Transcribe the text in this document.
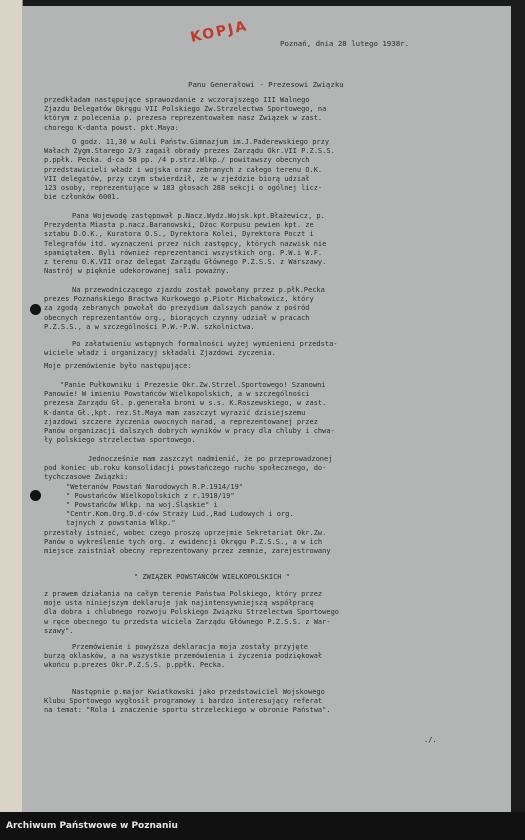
KOPJA	Poznań, dnia 28 lutego 1938r.
Panu Generałowi - Prezesowi Związku
przedkładam następujące sprawozdanie z wczorajszego III Walnego
Zjazdu Delegatów Okręgu VII Polskiego Zw.Strzelectwa Sportowego, na
którym z polecenia p. prezesa reprezentowałem nasz Związek w zast.
chorego K-danta powst. pkt.Maya:
O godz. 11,30 w Auli Państw.Gimnazjum im.J.Paderewskiego przy
Wałach Zygm.Starego 2/3 zagaił obrady prezes Zarządu Okr.VII P.Z.S.S.
p.ppłk. Pecka. d-ca 58 pp. /4 p.strz.Wlkp./ powitawszy obecnych
przedstawicieli władz i wojska oraz zebranych z całego terenu O.K.
VII delegatów, przy czym stwierdził, że w zjeździe biorą udział
123 osoby, reprezentujące w 183 głosach 288 sekcji o ogólnej licz-
bie członków 6001.
Pana Wojewodę zastępował p.Nacz.Wydz.Wojsk.kpt.Błażewicz, p.
Prezydenta Miasta p.nacz.Baranowski, Dżoc Korpusu pewien kpt. ze
sztabu D.O.K., Kuratora O.S., Dyrektora Kolei, Dyrektora Poczt i
Telegrafów itd. wyznaczeni przez nich zastępcy, których nazwisk nie
spamiętałem. Byli również reprezentanci wszystkich org. P.W.i W.F.
z terenu O.K.VII oraz delegat Zarządu Głównego P.Z.S.S. z Warszawy.
Nastrój w pięknie udekorowanej sali poważny.
Na przewodniczącego zjazdu został powołany przez p.płk.Pecka
prezes Poznańskiego Bractwa Kurkowego p.Piotr Michałowicz, który
za zgodą zebranych powołał do prezydium dalszych panów z pośród
obecnych reprezentantów org., biorących czynny udział w pracach
P.Z.S.S., a w szczególności P.W.-P.W. szkolnictwa.
Po załatwieniu wstępnych formalności wyżej wymienieni przedsta-
wiciele władz i organizacyj składali Zjazdowi życzenia.
Moje przemówienie było następujące:
"Panie Pułkowniku i Prezesie Okr.Zw.Strzel.Sportowego! Szanowni
Panowie! W imieniu Powstańców Wielkopolskich, a w szczególności
prezesa Zarządu Gł. p.generała broni w s.s. K.Raszewskiego, w zast.
K-danta Gł.,kpt. rez.St.Maya mam zaszczyt wyrazić dzisiejszemu
zjazdowi szczere życzenia owocnych narad, a reprezentowanej przez
Panów organizacji dalszych dobrych wyników w pracy dla chluby i chwa-
ły polskiego strzelectwa sportowego.
Jednocześnie mam zaszczyt nadmienić, że po przeprowadzonej
pod koniec ub.roku konsolidacji powstańczego ruchu społecznego, do-
tychczasowe Związki:
"Weteranów Powstań Narodowych R.P.1914/19"
" Powstańców Wielkopolskich z r.1918/19"
" Powstańców Wlkp. na woj.Śląskie" i
"Centr.Kom.Org.D.d-ców Straży Lud.,Rad Ludowych i org.
tajnych z powstania Wlkp."
przestały istnieć, wobec czego proszę uprzejmie Sekretariat Okr.Zw.
Panów o wykreślenie tych org. z ewidencji Okręgu P.Z.S.S., a w ich
miejsce zaistniał obecny reprezentowany przez zemnie, zarejestrowany
" ZWIĄZEK POWSTAŃCÓW WIELKOPOLSKICH "
z prawem działania na całym terenie Państwa Polskiego, który przez
moje usta niniejszym deklaruje jak najintensywniejszą współpracę
dla dobra i chlubnego rozwoju Polskiego Związku Strzelectwa Sportowego
w ręce obecnego tu przedsta wiciela Zarządu Głównego P.Z.S.S. z War-
szawy".
Przemówienie i powyższa deklaracja moja zostały przyjęte
burzą oklasków, a na wszystkie przemówienia i życzenia podziękował
wkońcu p.prezes Okr.P.Z.S.S. p.ppłk. Pecka.
Następnie p.major Kwiatkowski jako przedstawiciel Wojskowego
Klubu Sportowego wygłosił programowy i bardzo interesujący referat
na temat: "Rola i znaczenie sportu strzeleckiego w obronie Państwa".
./.
Archiwum Państwowe w Poznaniu
